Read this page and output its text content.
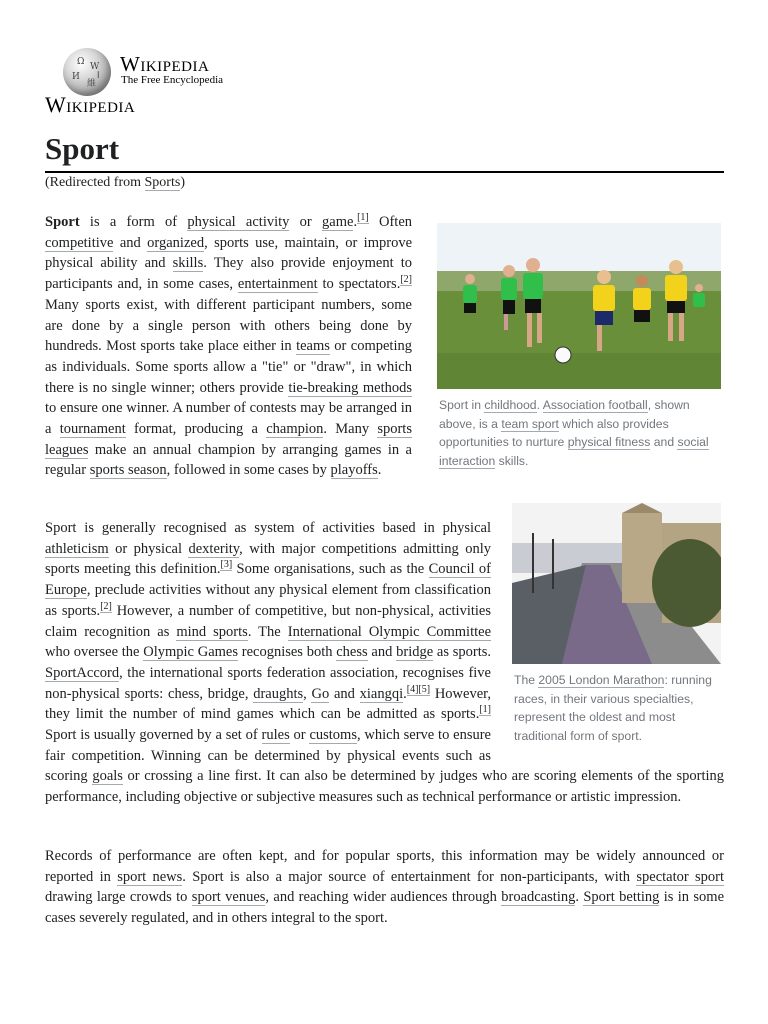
Ω W
И
維
ا Wikipedia
The Free Encyclopedia
Wikipedia
Sport
(Redirected from Sports)

Sport is a form of physical activity or game.[1] Often competitive and organized, sports use, maintain, or improve physical ability and skills. They also provide enjoyment to participants and, in some cases, entertainment to spectators.[2] Many sports exist, with different participant numbers, some are done by a single person with others being done by hundreds. Most sports take place either in teams or competing as individuals. Some sports allow a "tie" or "draw", in which there is no single winner; others provide tie-breaking methods to ensure one winner. A number of contests may be arranged in a tournament format, producing a champion. Many sports leagues make an annual champion by arranging games in a regular sports season, followed in some cases by playoffs.

Sport in childhood. Association football, shown above, is a team sport which also provides opportunities to nurture physical fitness and social interaction skills.

Sport is generally recognised as system of activities based in physical athleticism or physical dexterity, with major competitions admitting only sports meeting this definition.[3] Some organisations, such as the Council of Europe, preclude activities without any physical element from classification as sports.[2] However, a number of competitive, but non-physical, activities claim recognition as mind sports. The International Olympic Committee who oversee the Olympic Games recognises both chess and bridge as sports. SportAccord, the international sports federation association, recognises five non-physical sports: chess, bridge, draughts, Go and xiangqi.[4][5] However, they limit the number of mind games which can be admitted as sports.[1] Sport is usually governed by a set of rules or customs, which serve to ensure fair competition. Winning can be determined by physical events such as scoring goals or crossing a line first. It can also be determined by judges who are scoring elements of the sporting performance, including objective or subjective measures such as technical performance or artistic impression.

The 2005 London Marathon: running races, in their various specialties, represent the oldest and most traditional form of sport.

Records of performance are often kept, and for popular sports, this information may be widely announced or reported in sport news. Sport is also a major source of entertainment for non-participants, with spectator sport drawing large crowds to sport venues, and reaching wider audiences through broadcasting. Sport betting is in some cases severely regulated, and in others integral to the sport.
